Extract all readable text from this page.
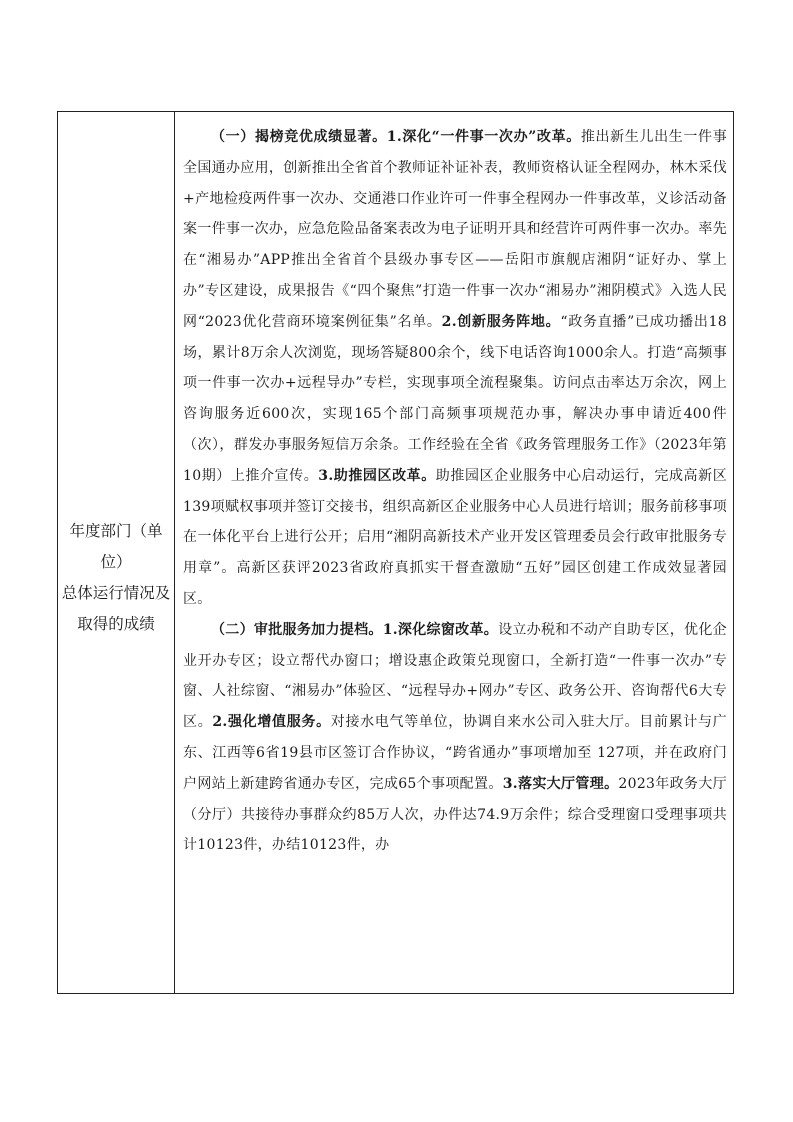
年度部门（单位）
总体运行情况及
取得的成绩

（一）揭榜竞优成绩显著。1.深化“一件事一次办”改革。推出新生儿出生一件事全国通办应用，创新推出全省首个教师证补证补表，教师资格认证全程网办，林木采伐+产地检疫两件事一次办、交通港口作业许可一件事全程网办一件事改革，义诊活动备案一件事一次办，应急危险品备案表改为电子证明开具和经营许可两件事一次办。率先在“湘易办”APP推出全省首个县级办事专区——岳阳市旗舰店湘阴“证好办、掌上办”专区建设，成果报告《“四个聚焦”打造一件事一次办“湘易办”湘阴模式》入选人民网“2023优化营商环境案例征集”名单。2.创新服务阵地。“政务直播”已成功播出18场，累计8万余人次浏览，现场答疑800余个，线下电话咨询1000余人。打造“高频事项一件事一次办+远程导办”专栏，实现事项全流程聚集。访问点击率达万余次，网上咨询服务近600次，实现165个部门高频事项规范办事，解决办事申请近400件（次），群发办事服务短信万余条。工作经验在全省《政务管理服务工作》（2023年第10期）上推介宣传。3.助推园区改革。助推园区企业服务中心启动运行，完成高新区139项赋权事项并签订交接书，组织高新区企业服务中心人员进行培训；服务前移事项在一体化平台上进行公开；启用“湘阴高新技术产业开发区管理委员会行政审批服务专用章”。高新区获评2023省政府真抓实干督查激励“五好”园区创建工作成效显著园区。

（二）审批服务加力提档。1.深化综窗改革。设立办税和不动产自助专区，优化企业开办专区；设立帮代办窗口；增设惠企政策兑现窗口，全新打造“一件事一次办”专窗、人社综窗、“湘易办”体验区、“远程导办+网办”专区、政务公开、咨询帮代6大专区。2.强化增值服务。对接水电气等单位，协调自来水公司入驻大厅。目前累计与广东、江西等6省19县市区签订合作协议，“跨省通办”事项增加至 127项，并在政府门户网站上新建跨省通办专区，完成65个事项配置。3.落实大厅管理。2023年政务大厅（分厅）共接待办事群众约85万人次，办件达74.9万余件；综合受理窗口受理事项共计10123件，办结10123件，办
